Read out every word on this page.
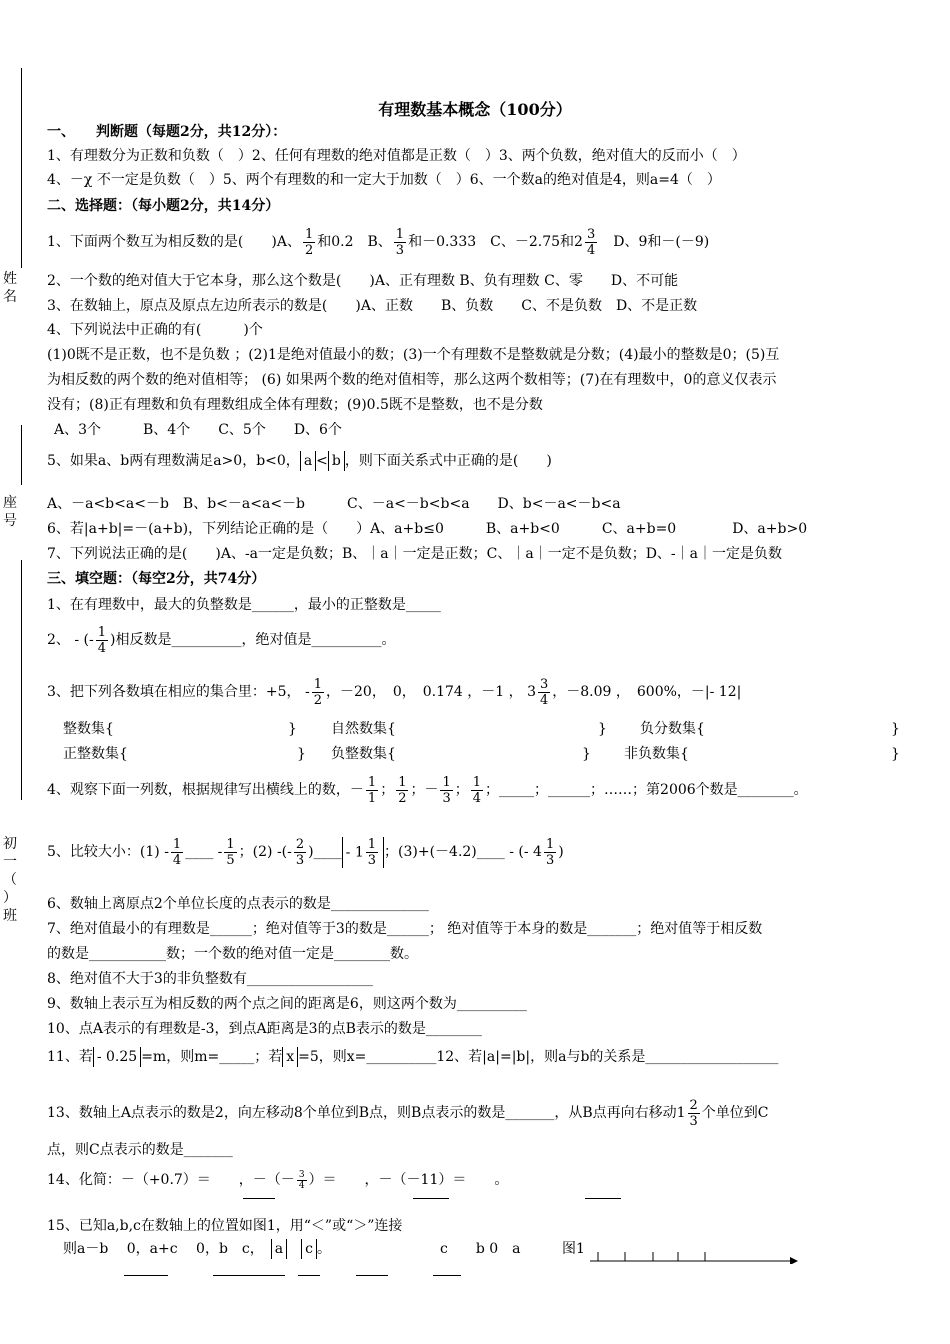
姓名
座号
初一（ ）班
有理数基本概念（100分）
一、　　判断题（每题2分，共12分）：
1、有理数分为正数和负数（　）2、任何有理数的绝对值都是正数（　）3、两个负数，绝对值大的反而小（　）
4、－χ 不一定是负数（　）5、两个有理数的和一定大于加数（　）6、一个数a的绝对值是4，则a=4（　）
二、选择题：（每小题2分，共14分）
1、下面两个数互为相反数的是(　　)A、 $\frac{1}{2}$ 和0.2　B、 $\frac{1}{3}$ 和－0.333　C、－2.75和$2 \frac{3}{4}$ 　D、9和－(－9)
2、一个数的绝对值大于它本身，那么这个数是(　　)A、正有理数 B、负有理数 C、零　　D、不可能
3、在数轴上，原点及原点左边所表示的数是(　　)A、正数　　B、负数　　C、不是负数　D、不是正数
4、下列说法中正确的有(　　　)个
(1)0既不是正数，也不是负数 ；(2)1是绝对值最小的数；(3)一个有理数不是整数就是分数；(4)最小的整数是0；(5)互
为相反数的两个数的绝对值相等； (6) 如果两个数的绝对值相等，那么这两个数相等；(7)在有理数中，0的意义仅表示
没有；(8)正有理数和负有理数组成全体有理数；(9)0.5既不是整数，也不是分数
A、3个　　　B、4个　　C、5个　　D、6个
5、如果a、b两有理数满足a>0，b<0， a < b ，则下面关系式中正确的是(　　)
A、－a<b<a<－b　B、b<－a<a<－b　　　C、－a<－b<b<a　　D、b<－a<－b<a
6、若|a+b|=－(a+b)，下列结论正确的是（　　）A、a+b≤0　　　B、a+b<0　　　C、a+b=0　　　　D、a+b>0
7、下列说法正确的是(　　)A、-a一定是负数；B、｜a｜一定是正数；C、｜a｜一定不是负数；D、-｜a｜一定是负数
三、填空题：（每空2分，共74分）
1、在有理数中，最大的负整数是______，最小的正整数是_____
2、 - (- $\frac{1}{4}$ )相反数是__________，绝对值是__________。
3、把下列各数填在相应的集合里：+5， - $\frac{1}{2}$ ，－20，　0，　0.174 ，－1 ， $3 \frac{3}{4}$ ，－8.09 ，　600%，－|- 12|
整数集{	} 自然数集{	} 负分数集{	}
正整数集{	} 负整数集{	} 非负数集{	}
4、观察下面一列数，根据规律写出横线上的数，－ $\frac{1}{1}$ ； $\frac{1}{2}$ ；－ $\frac{1}{3}$ ； $\frac{1}{4}$ ；_____；______；……；第2006个数是________。
5、比较大小：$(1) - \frac{1}{4}$ ____ - $\frac{1}{5}$ ；(2) -(- $\frac{2}{3}$ )____ - $1 \frac{1}{3}$ ；(3)+(－4.2)____ - (- $4 \frac{1}{3}$ )
6、数轴上离原点2个单位长度的点表示的数是______________
7、绝对值最小的有理数是______；绝对值等于3的数是______； 绝对值等于本身的数是_______；绝对值等于相反数
的数是___________数；一个数的绝对值一定是________数。
8、绝对值不大于3的非负整数有__________________
9、数轴上表示互为相反数的两个点之间的距离是6，则这两个数为__________
10、点A表示的有理数是-3，到点A距离是3的点B表示的数是________
11、若 - 0.25 =m，则m=_____；若 x =5，则x=__________12、若|a|=|b|，则a与b的关系是___________________
13、数轴上A点表示的数是2，向左移动8个单位到B点，则B点表示的数是_______，从B点再向右移动$1 \frac{2}{3}$ 个单位到C
点，则C点表示的数是_______
14、化简：－（+0.7）＝　　，－（－ $\frac{3}{4}$ ）＝　　，－（－11）＝　　。
15、已知a,b,c在数轴上的位置如图1，用“＜”或“＞”连接
则a－b　 0，a+c　 0，b　c，　 a　 c 。	c　　b 0　a	图1
